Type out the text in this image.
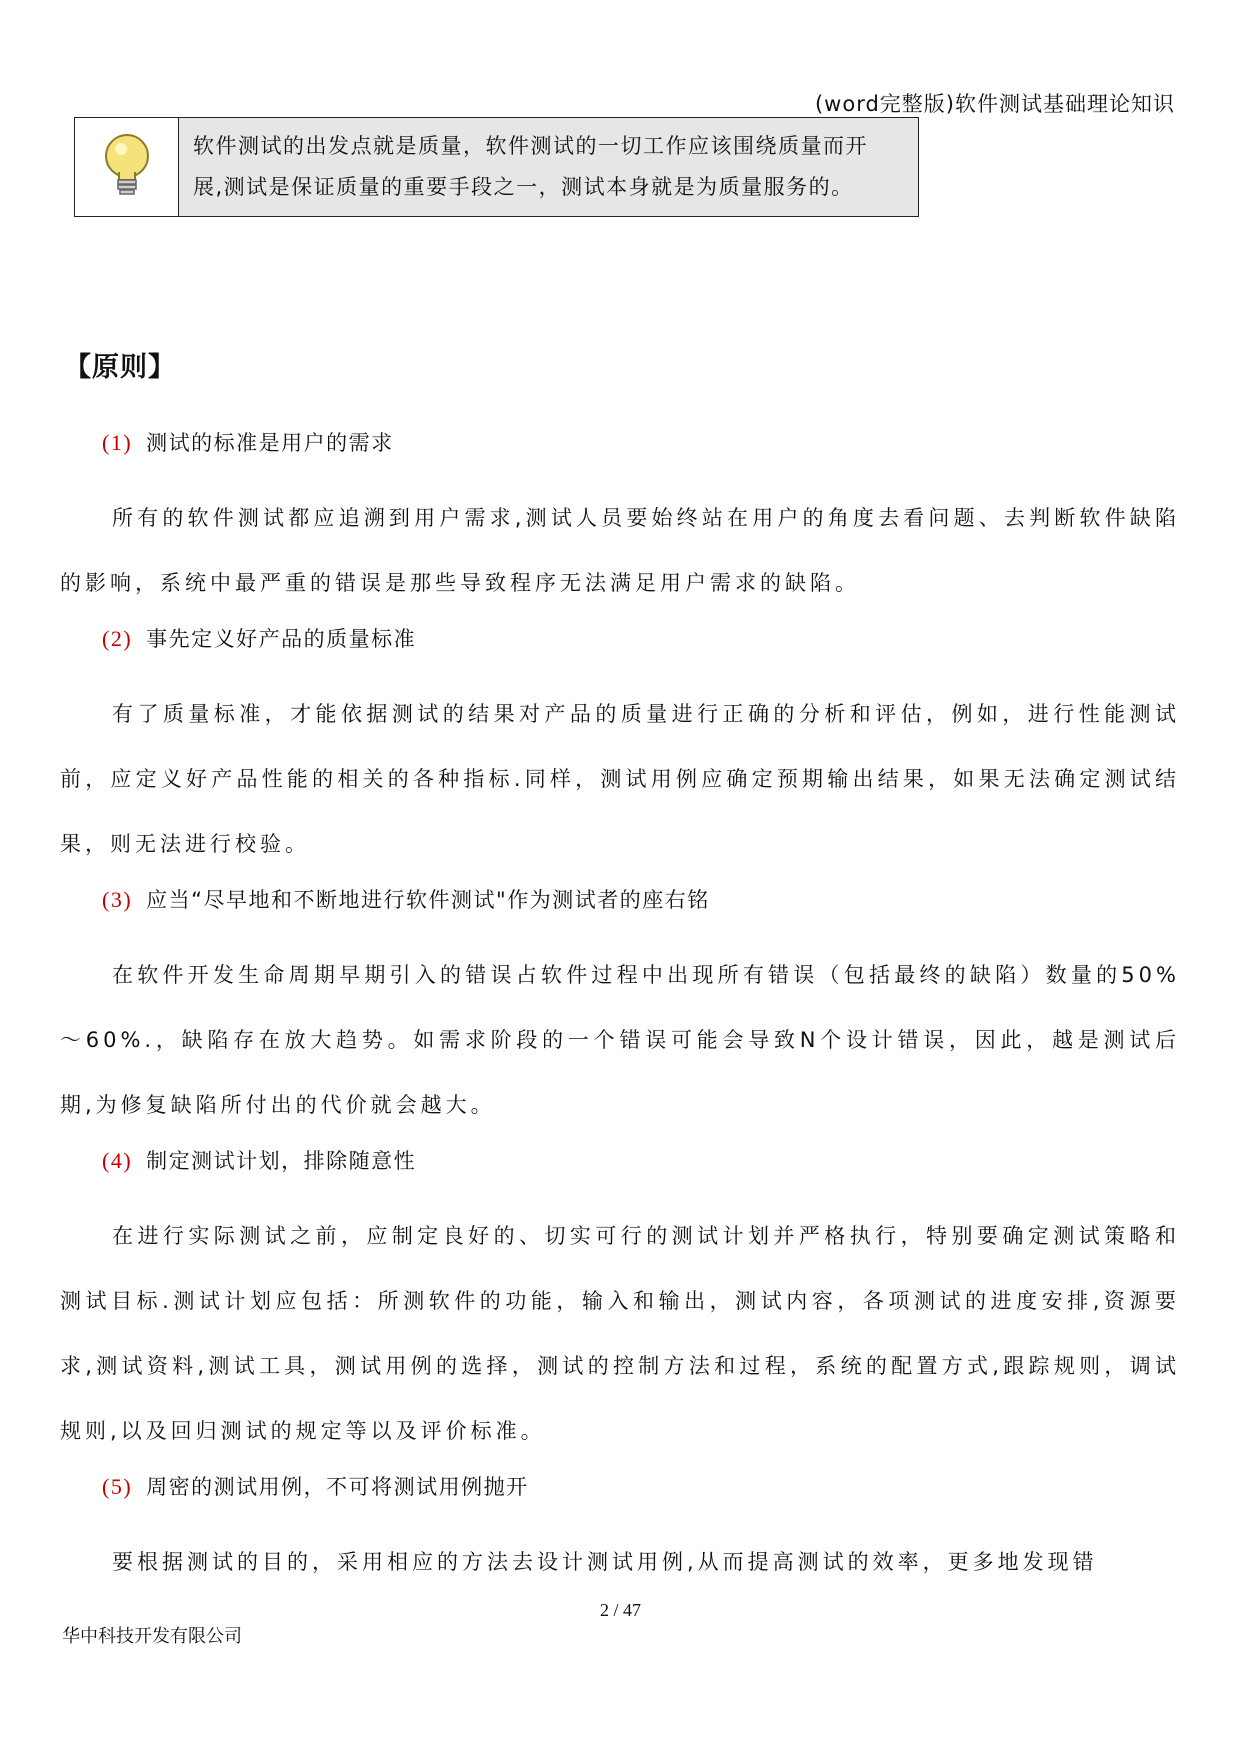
(word完整版)软件测试基础理论知识
软件测试的出发点就是质量，软件测试的一切工作应该围绕质量而开
展,测试是保证质量的重要手段之一，测试本身就是为质量服务的。
【原则】
(1) 测试的标准是用户的需求

所有的软件测试都应追溯到用户需求,测试人员要始终站在用户的角度去看问题、去判断软件缺陷的影响，系统中最严重的错误是那些导致程序无法满足用户需求的缺陷。

(2) 事先定义好产品的质量标准

有了质量标准，才能依据测试的结果对产品的质量进行正确的分析和评估，例如，进行性能测试前，应定义好产品性能的相关的各种指标.同样，测试用例应确定预期输出结果，如果无法确定测试结果，则无法进行校验。

(3) 应当“尽早地和不断地进行软件测试"作为测试者的座右铭

在软件开发生命周期早期引入的错误占软件过程中出现所有错误（包括最终的缺陷）数量的50%～60%.，缺陷存在放大趋势。如需求阶段的一个错误可能会导致N个设计错误，因此，越是测试后期,为修复缺陷所付出的代价就会越大。

(4) 制定测试计划，排除随意性

在进行实际测试之前，应制定良好的、切实可行的测试计划并严格执行，特别要确定测试策略和测试目标.测试计划应包括：所测软件的功能，输入和输出，测试内容，各项测试的进度安排,资源要求,测试资料,测试工具，测试用例的选择，测试的控制方法和过程，系统的配置方式,跟踪规则，调试规则,以及回归测试的规定等以及评价标准。

(5) 周密的测试用例，不可将测试用例抛开

要根据测试的目的，采用相应的方法去设计测试用例,从而提高测试的效率，更多地发现错

2 / 47
华中科技开发有限公司
